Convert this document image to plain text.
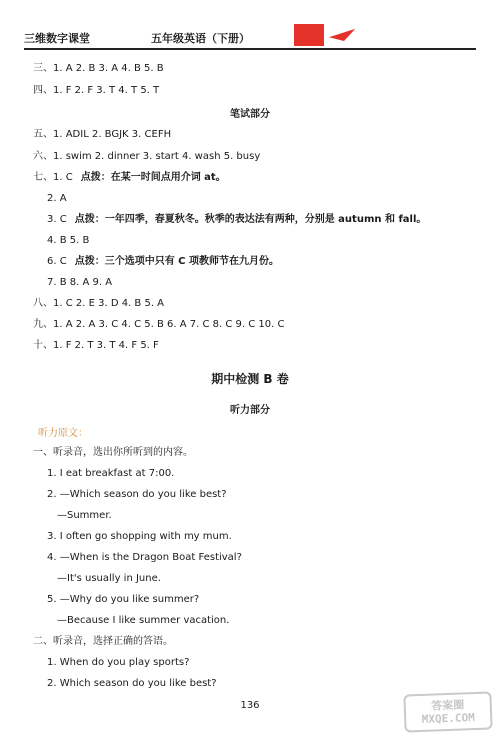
三维数字课堂	五年级英语（下册）
三、1. A 2. B 3. A 4. B 5. B
四、1. F 2. F 3. T 4. T 5. T
笔试部分
五、1. ADIL 2. BGJK 3. CEFH
六、1. swim 2. dinner 3. start 4. wash 5. busy
七、1. C 点拨：在某一时间点用介词 at。
2. A
3. C 点拨：一年四季，春夏秋冬。秋季的表达法有两种，分别是 autumn 和 fall。
4. B 5. B
6. C 点拨：三个选项中只有 C 项教师节在九月份。
7. B 8. A 9. A
八、1. C 2. E 3. D 4. B 5. A
九、1. A 2. A 3. C 4. C 5. B 6. A 7. C 8. C 9. C 10. C
十、1. F 2. T 3. T 4. F 5. F
期中检测 B 卷
听力部分
听力原文：
一、听录音，选出你所听到的内容。
1. I eat breakfast at 7:00.
2. —Which season do you like best?
—Summer.
3. I often go shopping with my mum.
4. —When is the Dragon Boat Festival?
—It's usually in June.
5. —Why do you like summer?
—Because I like summer vacation.
二、听录音，选择正确的答语。
1. When do you play sports?
2. Which season do you like best?
136	答案圈
MXQE.COM
